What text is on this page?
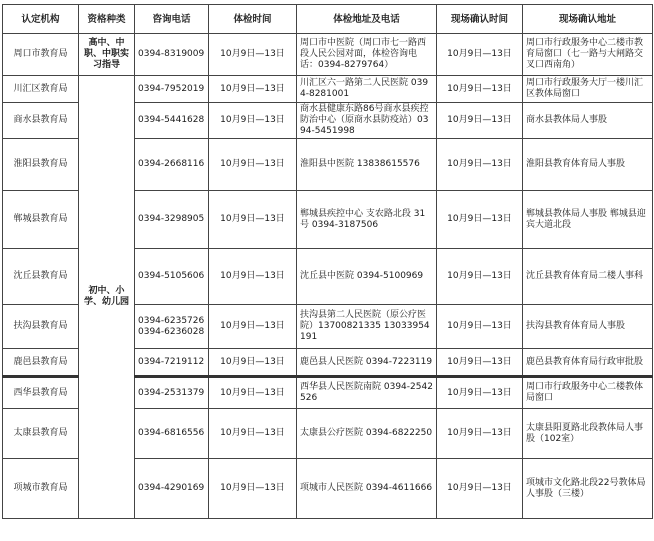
认定机构	资格种类	咨询电话	体检时间	体检地址及电话	现场确认时间	现场确认地址
周口市教育局	高中、中职、中职实习指导	0394-8319009	10月9日—13日	周口市中医院（周口市七一路西段人民公园对面，体检咨询电话：0394-8279764）	10月9日—13日	周口市行政服务中心二楼市教育局窗口（七一路与大闸路交叉口西南角）
川汇区教育局	初中、小学、幼儿园	0394-7952019	10月9日—13日	川汇区六一路第二人民医院 0394-8281001	10月9日—13日	周口市行政服务大厅一楼川汇区教体局窗口
商水县教育局		0394-5441628	10月9日—13日	商水县健康东路86号商水县疾控防治中心（原商水县防疫站）0394-5451998	10月9日—13日	商水县教体局人事股
淮阳县教育局		0394-2668116	10月9日—13日	淮阳县中医院 13838615576	10月9日—13日	淮阳县教育体育局人事股
郸城县教育局		0394-3298905	10月9日—13日	郸城县疾控中心 支农路北段 31号 0394-3187506	10月9日—13日	郸城县教体局人事股 郸城县迎宾大道北段
沈丘县教育局		0394-5105606	10月9日—13日	沈丘县中医院 0394-5100969	10月9日—13日	沈丘县教育体育局二楼人事科
扶沟县教育局		0394-6235726 0394-6236028	10月9日—13日	扶沟县第二人民医院（原公疗医院）13700821335 13033954191	10月9日—13日	扶沟县教育体育局人事股
鹿邑县教育局		0394-7219112	10月9日—13日	鹿邑县人民医院 0394-7223119	10月9日—13日	鹿邑县教育体育局行政审批股
西华县教育局		0394-2531379	10月9日—13日	西华县人民医院南院 0394-2542526	10月9日—13日	周口市行政服务中心二楼教体局窗口
太康县教育局		0394-6816556	10月9日—13日	太康县公疗医院 0394-6822250	10月9日—13日	太康县阳夏路北段教体局人事股（102室）
项城市教育局		0394-4290169	10月9日—13日	项城市人民医院 0394-4611666	10月9日—13日	项城市文化路北段22号教体局人事股（三楼）
